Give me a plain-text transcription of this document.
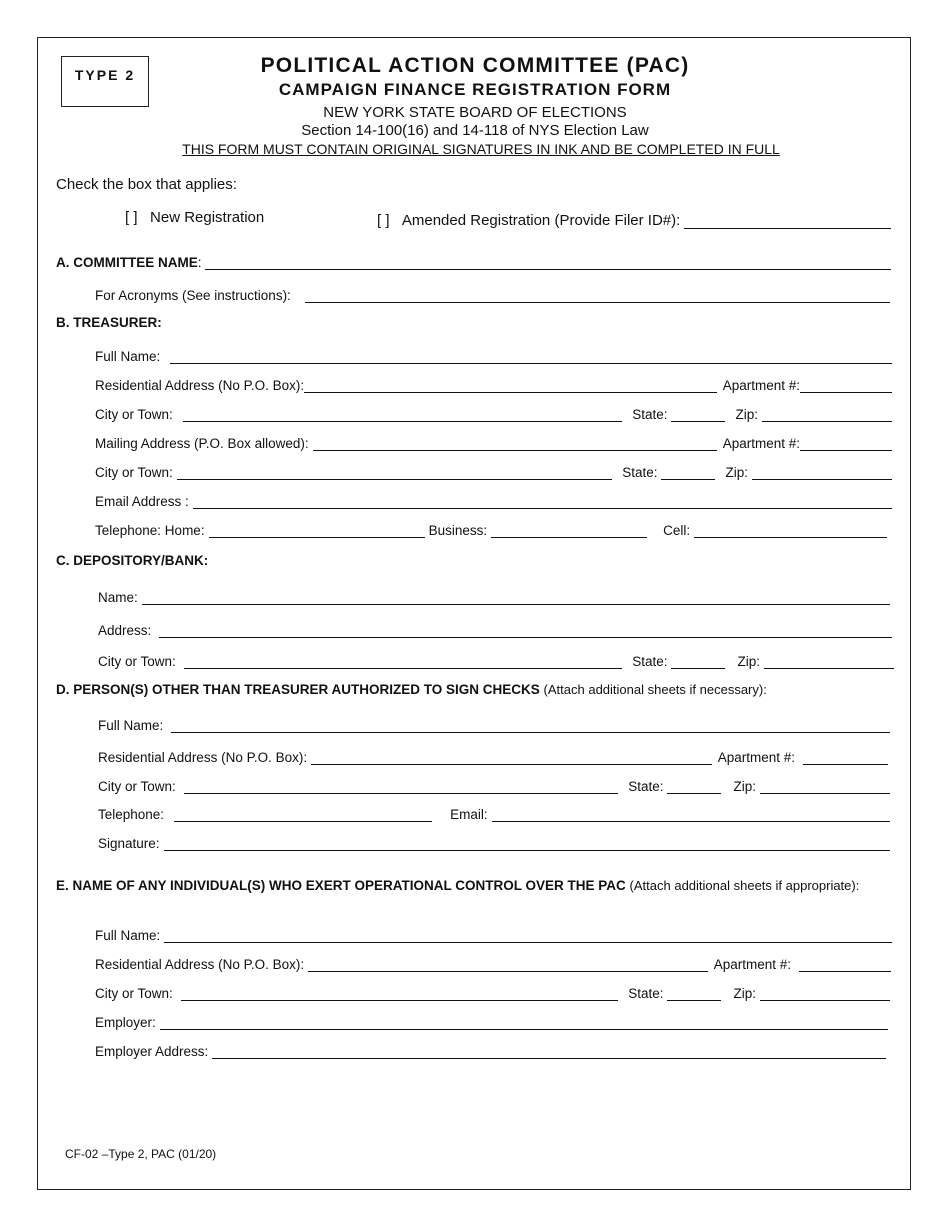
TYPE 2	POLITICAL ACTION COMMITTEE (PAC)
CAMPAIGN FINANCE REGISTRATION FORM
NEW YORK STATE BOARD OF ELECTIONS
Section 14-100(16) and 14-118 of NYS Election Law
THIS FORM MUST CONTAIN ORIGINAL SIGNATURES IN INK AND BE COMPLETED IN FULL
Check the box that applies:
[ ] New Registration	[ ]
Amended Registration (Provide Filer ID#):
A. COMMITTEE NAME:
For Acronyms (See instructions):
B. TREASURER:
Full Name:
Residential Address (No P.O. Box):	Apartment #:
City or Town:	State:	Zip:
Mailing Address (P.O. Box allowed):	Apartment #:
City or Town:	State:	Zip:
Email Address :
Telephone: Home:	Business:	Cell:
C. DEPOSITORY/BANK:
Name:
Address:
City or Town:	State:	Zip:
D. PERSON(S) OTHER THAN TREASURER AUTHORIZED TO SIGN CHECKS (Attach additional sheets if necessary):
Full Name:
Residential Address (No P.O. Box):	Apartment #:
City or Town:	State:	Zip:
Telephone:	Email:
Signature:
E. NAME OF ANY INDIVIDUAL(S) WHO EXERT OPERATIONAL CONTROL OVER THE PAC (Attach additional sheets if appropriate):
Full Name:
Residential Address (No P.O. Box):	Apartment #:
City or Town:	State:	Zip:
Employer:
Employer Address:
CF-02 –Type 2, PAC (01/20)
